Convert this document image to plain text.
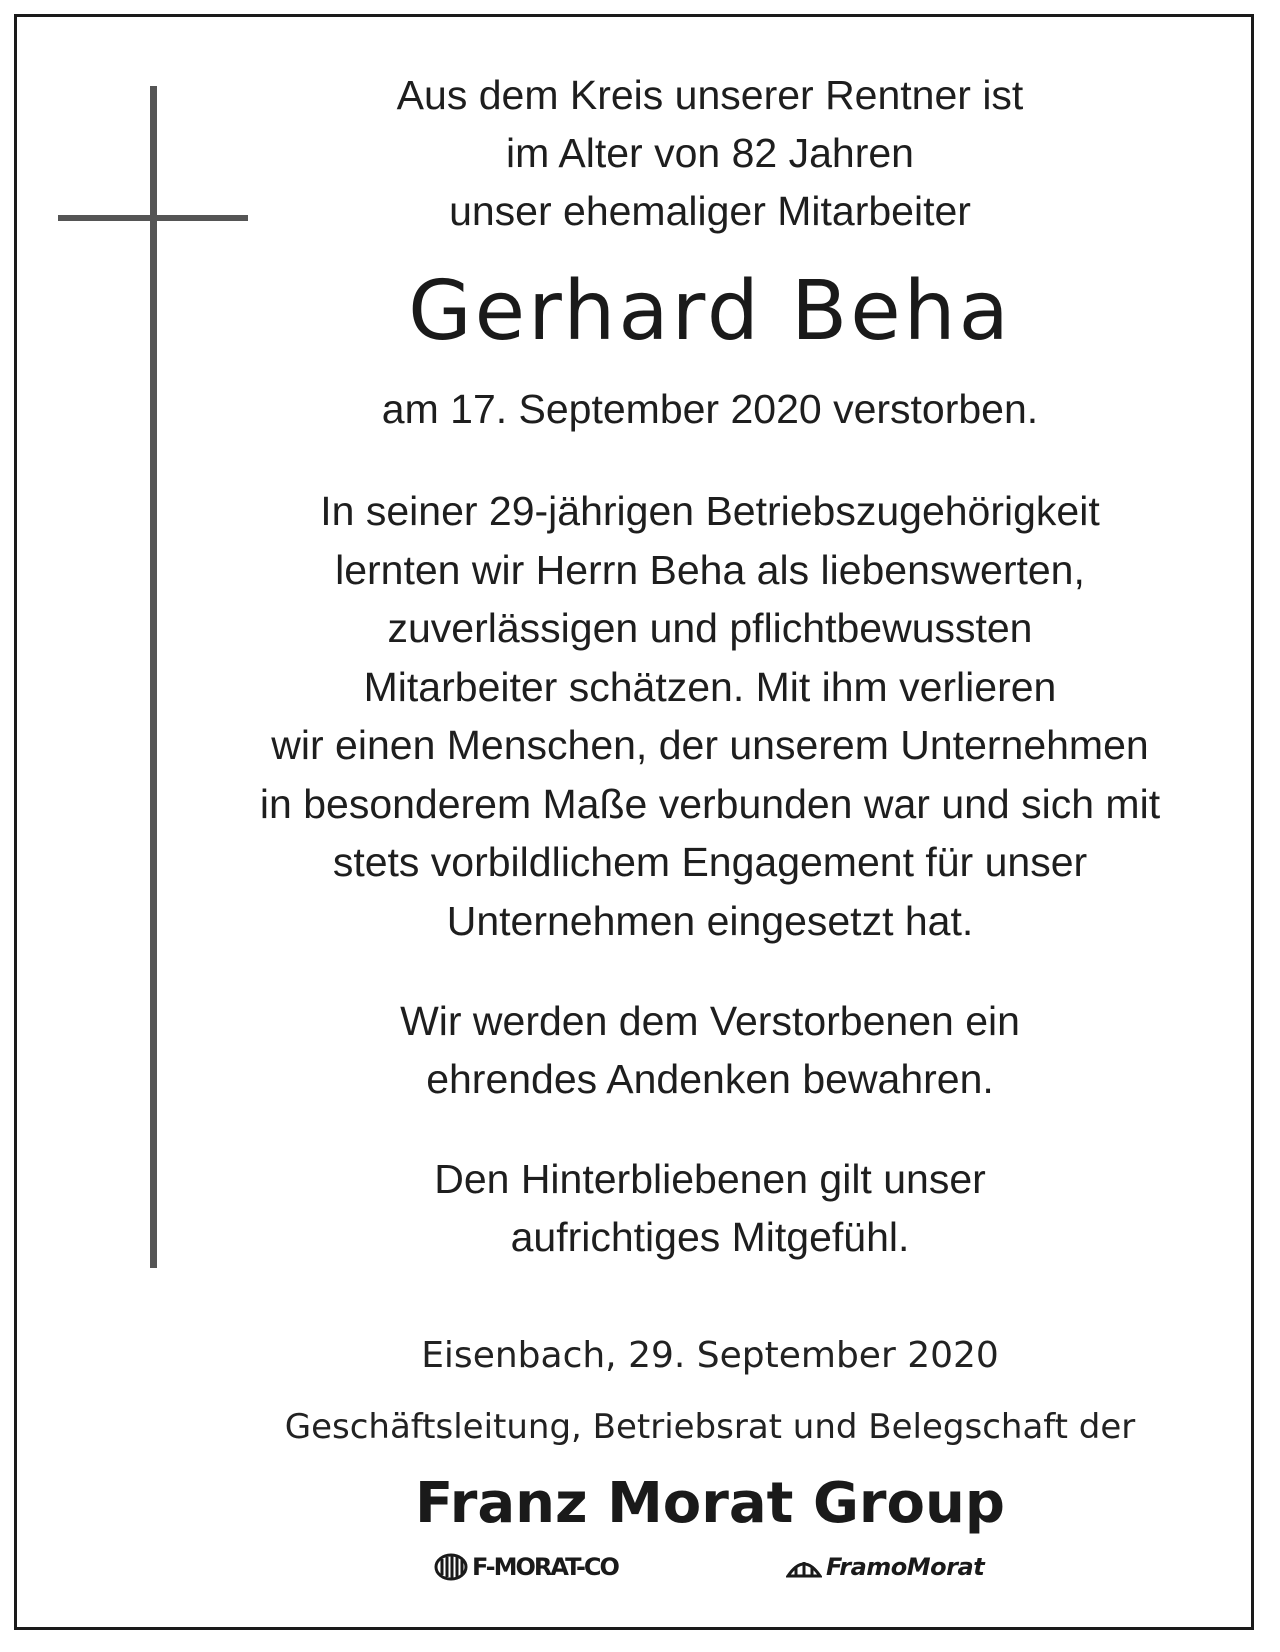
Aus dem Kreis unserer Rentner ist
im Alter von 82 Jahren
unser ehemaliger Mitarbeiter
Gerhard Beha
am 17. September 2020 verstorben.
In seiner 29-jährigen Betriebszugehörigkeit
lernten wir Herrn Beha als liebenswerten,
zuverlässigen und pflichtbewussten
Mitarbeiter schätzen. Mit ihm verlieren
wir einen Menschen, der unserem Unternehmen
in besonderem Maße verbunden war und sich mit
stets vorbildlichem Engagement für unser
Unternehmen eingesetzt hat.
Wir werden dem Verstorbenen ein
ehrendes Andenken bewahren.
Den Hinterbliebenen gilt unser
aufrichtiges Mitgefühl.
Eisenbach, 29. September 2020
Geschäftsleitung, Betriebsrat und Belegschaft der
Franz Morat Group
F-MORAT-CO	FramoMorat
